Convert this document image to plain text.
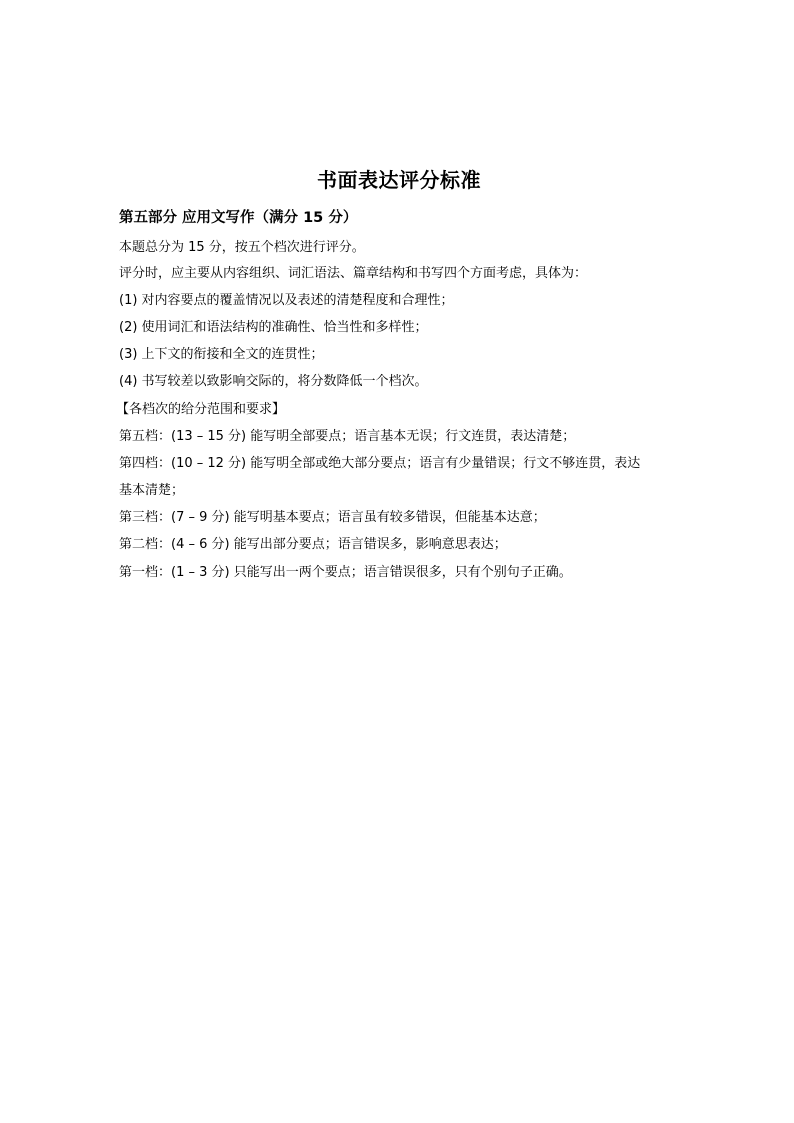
书面表达评分标准
第五部分 应用文写作（满分 15 分）
本题总分为 15 分，按五个档次进行评分。
评分时，应主要从内容组织、词汇语法、篇章结构和书写四个方面考虑，具体为：
(1) 对内容要点的覆盖情况以及表述的清楚程度和合理性；
(2) 使用词汇和语法结构的准确性、恰当性和多样性；
(3) 上下文的衔接和全文的连贯性；
(4) 书写较差以致影响交际的，将分数降低一个档次。
【各档次的给分范围和要求】
第五档：(13 – 15 分) 能写明全部要点；语言基本无误；行文连贯，表达清楚；
第四档：(10 – 12 分) 能写明全部或绝大部分要点；语言有少量错误；行文不够连贯，表达
基本清楚；
第三档：(7 – 9 分) 能写明基本要点；语言虽有较多错误，但能基本达意；
第二档：(4 – 6 分) 能写出部分要点；语言错误多，影响意思表达；
第一档：(1 – 3 分) 只能写出一两个要点；语言错误很多，只有个别句子正确。
